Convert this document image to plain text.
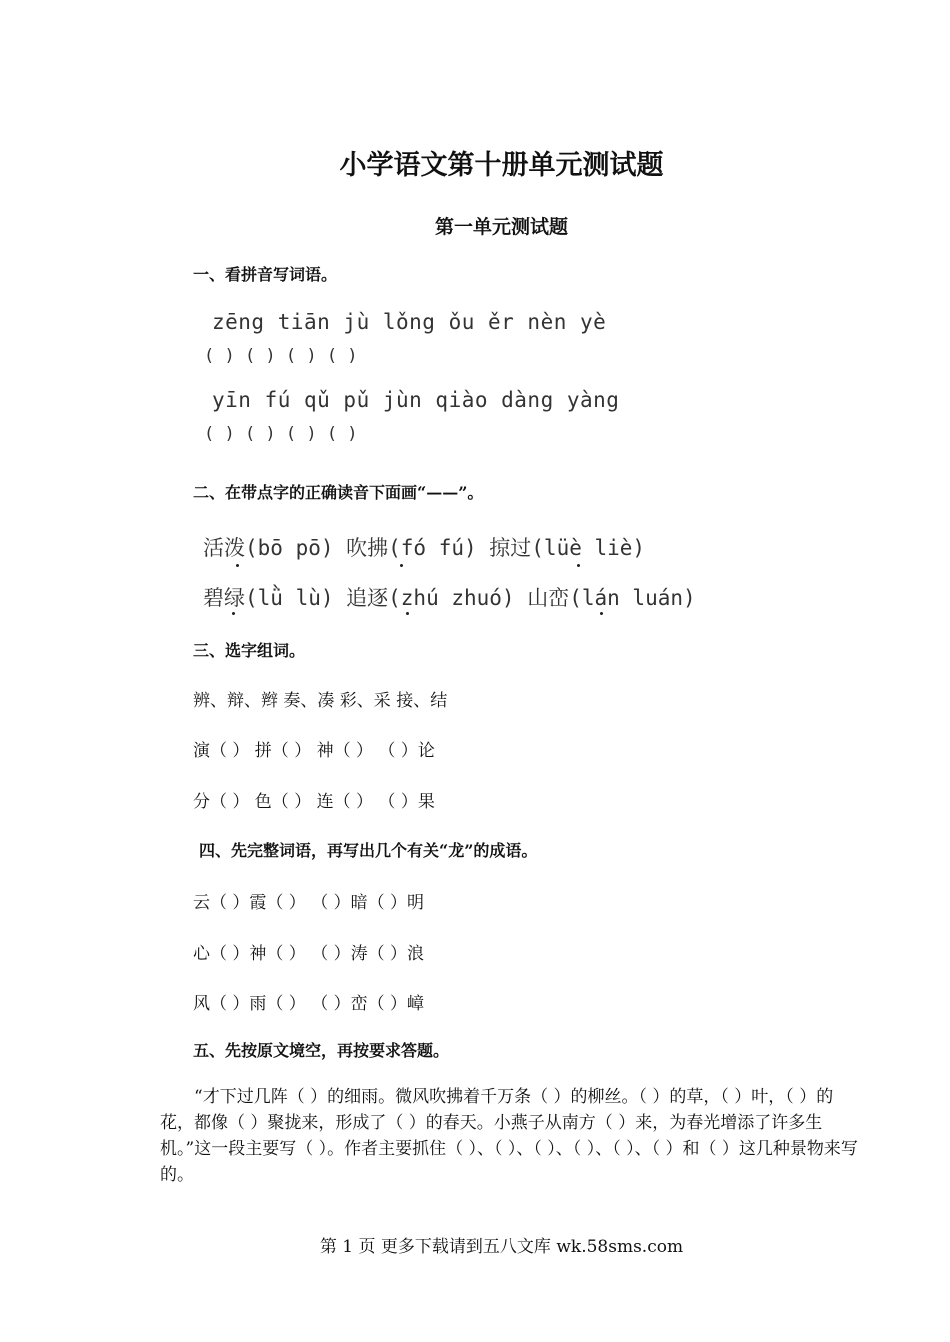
小学语文第十册单元测试题
第一单元测试题
一、看拼音写词语。
zēng tiān jù lǒng ǒu ěr nèn yè
( ) ( ) ( ) ( )
yīn fú qǔ pǔ jùn qiào dàng yàng
( ) ( ) ( ) ( )
二、在带点字的正确读音下面画“——”。
活泼(bō pō) 吹拂(fó fú) 掠过(lüè liè)
碧绿(lǜ lù) 追逐(zhú zhuó) 山峦(lán luán)
三、选字组词。
辨、辩、辫 奏、凑 彩、采 接、结
演（ ） 拼（ ） 神（ ） （ ）论
分（ ） 色（ ） 连（ ） （ ）果
四、先完整词语，再写出几个有关“龙”的成语。
云（ ）霞（ ） （ ）暗（ ）明
心（ ）神（ ） （ ）涛（ ）浪
风（ ）雨（ ） （ ）峦（ ）嶂
五、先按原文境空，再按要求答题。
“才下过几阵（ ）的细雨。微风吹拂着千万条（ ）的柳丝。（ ）的草，（ ）叶，（ ）的花，都像（ ）聚拢来，形成了（ ）的春天。小燕子从南方（ ）来，为春光增添了许多生机。”这一段主要写（ ）。作者主要抓住（ ）、（ ）、（ ）、（ ）、（ ）、（ ）和（ ）这几种景物来写的。
第 1 页 更多下载请到五八文库 wk.58sms.com
